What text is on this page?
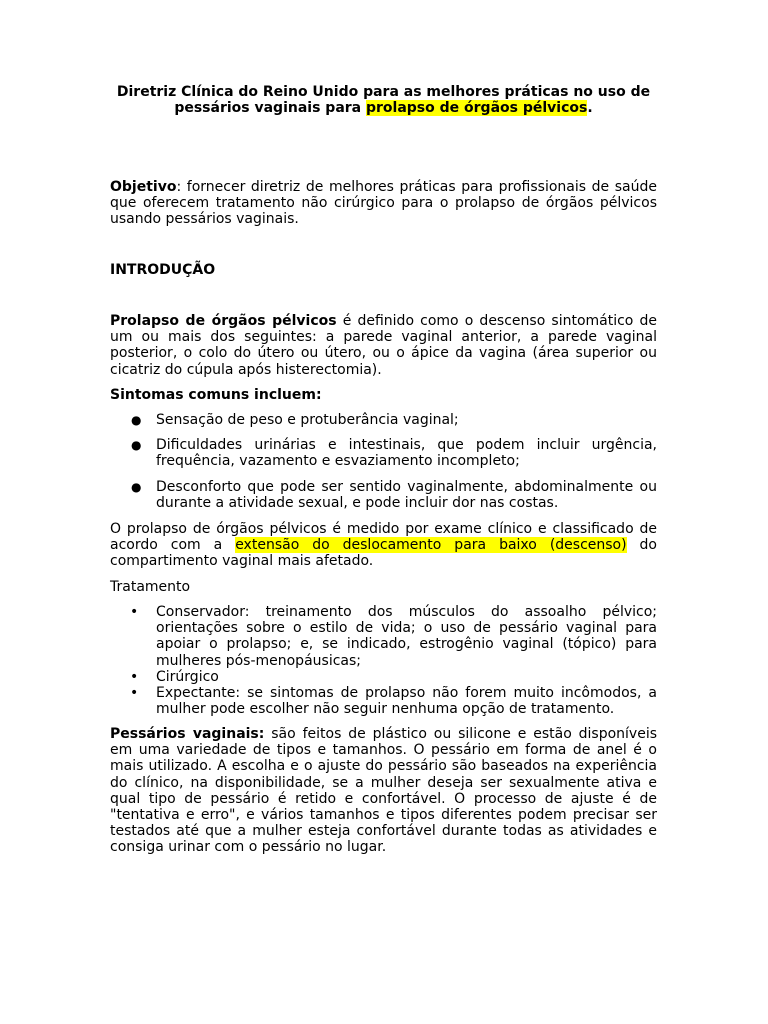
Diretriz Clínica do Reino Unido para as melhores práticas no uso de
pessários vaginais para prolapso de órgãos pélvicos.

Objetivo: fornecer diretriz de melhores práticas para profissionais de saúde que oferecem tratamento não cirúrgico para o prolapso de órgãos pélvicos usando pessários vaginais.

INTRODUÇÃO

Prolapso de órgãos pélvicos é definido como o descenso sintomático de um ou mais dos seguintes: a parede vaginal anterior, a parede vaginal posterior, o colo do útero ou útero, ou o ápice da vagina (área superior ou cicatriz do cúpula após histerectomia).

Sintomas comuns incluem:

● Sensação de peso e protuberância vaginal;
● Dificuldades urinárias e intestinais, que podem incluir urgência, frequência, vazamento e esvaziamento incompleto;
● Desconforto que pode ser sentido vaginalmente, abdominalmente ou durante a atividade sexual, e pode incluir dor nas costas.

O prolapso de órgãos pélvicos é medido por exame clínico e classificado de acordo com a extensão do deslocamento para baixo (descenso) do compartimento vaginal mais afetado.

Tratamento

• Conservador: treinamento dos músculos do assoalho pélvico; orientações sobre o estilo de vida; o uso de pessário vaginal para apoiar o prolapso; e, se indicado, estrogênio vaginal (tópico) para mulheres pós-menopáusicas;
• Cirúrgico
• Expectante: se sintomas de prolapso não forem muito incômodos, a mulher pode escolher não seguir nenhuma opção de tratamento.

Pessários vaginais: são feitos de plástico ou silicone e estão disponíveis em uma variedade de tipos e tamanhos. O pessário em forma de anel é o mais utilizado. A escolha e o ajuste do pessário são baseados na experiência do clínico, na disponibilidade, se a mulher deseja ser sexualmente ativa e qual tipo de pessário é retido e confortável. O processo de ajuste é de "tentativa e erro", e vários tamanhos e tipos diferentes podem precisar ser testados até que a mulher esteja confortável durante todas as atividades e consiga urinar com o pessário no lugar.
